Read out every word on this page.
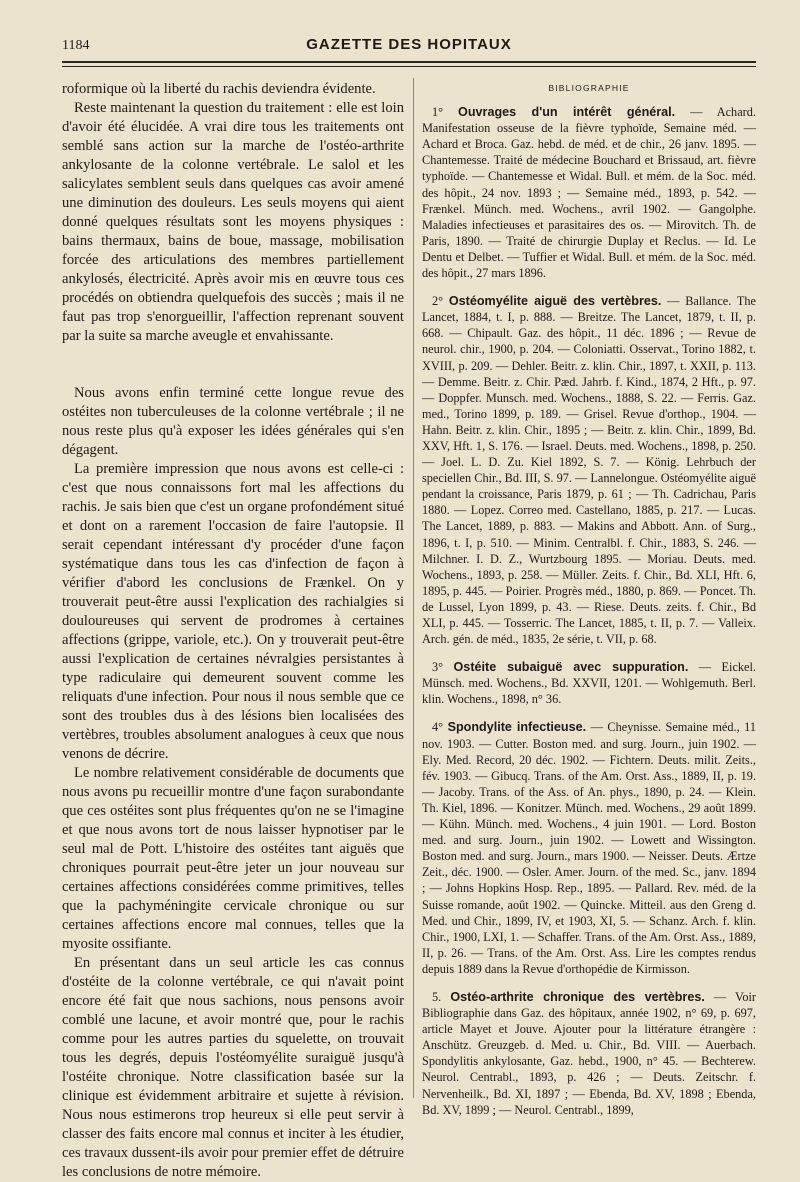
1184	GAZETTE DES HOPITAUX

roformique où la liberté du rachis deviendra évidente.

Reste maintenant la question du traitement : elle est loin d'avoir été élucidée. A vrai dire tous les traitements ont semblé sans action sur la marche de l'ostéo-arthrite ankylosante de la colonne vertébrale. Le salol et les salicylates semblent seuls dans quelques cas avoir amené une diminution des douleurs. Les seuls moyens qui aient donné quelques résultats sont les moyens physiques : bains thermaux, bains de boue, massage, mobilisation forcée des articulations des membres partiellement ankylosés, électricité. Après avoir mis en œuvre tous ces procédés on obtiendra quelquefois des succès ; mais il ne faut pas trop s'enorgueillir, l'affection reprenant souvent par la suite sa marche aveugle et envahissante.

Nous avons enfin terminé cette longue revue des ostéites non tuberculeuses de la colonne vertébrale ; il ne nous reste plus qu'à exposer les idées générales qui s'en dégagent.

La première impression que nous avons est celle-ci : c'est que nous connaissons fort mal les affections du rachis. Je sais bien que c'est un organe profondément situé et dont on a rarement l'occasion de faire l'autopsie. Il serait cependant intéressant d'y procéder d'une façon systématique dans tous les cas d'infection de façon à vérifier d'abord les conclusions de Frænkel. On y trouverait peut-être aussi l'explication des rachialgies si douloureuses qui servent de prodromes à certaines affections (grippe, variole, etc.). On y trouverait peut-être aussi l'explication de certaines névralgies persistantes à type radiculaire qui demeurent souvent comme les reliquats d'une infection. Pour nous il nous semble que ce sont des troubles dus à des lésions bien localisées des vertèbres, troubles absolument analogues à ceux que nous venons de décrire.

Le nombre relativement considérable de documents que nous avons pu recueillir montre d'une façon surabondante que ces ostéites sont plus fréquentes qu'on ne se l'imagine et que nous avons tort de nous laisser hypnotiser par le seul mal de Pott. L'histoire des ostéites tant aiguës que chroniques pourrait peut-être jeter un jour nouveau sur certaines affections considérées comme primitives, telles que la pachyméningite cervicale chronique ou sur certaines affections encore mal connues, telles que la myosite ossifiante.

En présentant dans un seul article les cas connus d'ostéite de la colonne vertébrale, ce qui n'avait point encore été fait que nous sachions, nous pensons avoir comblé une lacune, et avoir montré que, pour le rachis comme pour les autres parties du squelette, on trouvait tous les degrés, depuis l'ostéomyélite suraiguë jusqu'à l'ostéite chronique. Notre classification basée sur la clinique est évidemment arbitraire et sujette à révision. Nous nous estimerons trop heureux si elle peut servir à classer des faits encore mal connus et inciter à les étudier, ces travaux dussent-ils avoir pour premier effet de détruire les conclusions de notre mémoire.

BIBLIOGRAPHIE

1° Ouvrages d'un intérêt général. — Achard. Manifestation osseuse de la fièvre typhoïde, Semaine méd. — Achard et Broca. Gaz. hebd. de méd. et de chir., 26 janv. 1895. — Chantemesse. Traité de médecine Bouchard et Brissaud, art. fièvre typhoïde. — Chantemesse et Widal. Bull. et mém. de la Soc. méd. des hôpit., 24 nov. 1893 ; — Semaine méd., 1893, p. 542. — Frænkel. Münch. med. Wochens., avril 1902. — Gangolphe. Maladies infectieuses et parasitaires des os. — Mirovitch. Th. de Paris, 1890. — Traité de chirurgie Duplay et Reclus. — Id. Le Dentu et Delbet. — Tuffier et Widal. Bull. et mém. de la Soc. méd. des hôpit., 27 mars 1896.

2° Ostéomyélite aiguë des vertèbres. — Ballance. The Lancet, 1884, t. I, p. 888. — Breitze. The Lancet, 1879, t. II, p. 668. — Chipault. Gaz. des hôpit., 11 déc. 1896 ; — Revue de neurol. chir., 1900, p. 204. — Coloniatti. Osservat., Torino 1882, t. XVIII, p. 209. — Dehler. Beitr. z. klin. Chir., 1897, t. XXII, p. 113. — Demme. Beitr. z. Chir. Pæd. Jahrb. f. Kind., 1874, 2 Hft., p. 97. — Doppfer. Munsch. med. Wochens., 1888, S. 22. — Ferris. Gaz. med., Torino 1899, p. 189. — Grisel. Revue d'orthop., 1904. — Hahn. Beitr. z. klin. Chir., 1895 ; — Beitr. z. klin. Chir., 1899, Bd. XXV, Hft. 1, S. 176. — Israel. Deuts. med. Wochens., 1898, p. 250. — Joel. L. D. Zu. Kiel 1892, S. 7. — König. Lehrbuch der speciellen Chir., Bd. III, S. 97. — Lannelongue. Ostéomyélite aiguë pendant la croissance, Paris 1879, p. 61 ; — Th. Cadrichau, Paris 1880. — Lopez. Correo med. Castellano, 1885, p. 217. — Lucas. The Lancet, 1889, p. 883. — Makins and Abbott. Ann. of Surg., 1896, t. I, p. 510. — Minim. Centralbl. f. Chir., 1883, S. 246. — Milchner. I. D. Z., Wurtzbourg 1895. — Moriau. Deuts. med. Wochens., 1893, p. 258. — Müller. Zeits. f. Chir., Bd. XLI, Hft. 6, 1895, p. 445. — Poirier. Progrès méd., 1880, p. 869. — Poncet. Th. de Lussel, Lyon 1899, p. 43. — Riese. Deuts. zeits. f. Chir., Bd XLI, p. 445. — Tosserric. The Lancet, 1885, t. II, p. 7. — Valleix. Arch. gén. de méd., 1835, 2e série, t. VII, p. 68.

3° Ostéite subaiguë avec suppuration. — Eickel. Münsch. med. Wochens., Bd. XXVII, 1201. — Wohlgemuth. Berl. klin. Wochens., 1898, n° 36.

4° Spondylite infectieuse. — Cheynisse. Semaine méd., 11 nov. 1903. — Cutter. Boston med. and surg. Journ., juin 1902. — Ely. Med. Record, 20 déc. 1902. — Fichtern. Deuts. milit. Zeits., fév. 1903. — Gibucq. Trans. of the Am. Orst. Ass., 1889, II, p. 19. — Jacoby. Trans. of the Ass. of An. phys., 1890, p. 24. — Klein. Th. Kiel, 1896. — Konitzer. Münch. med. Wochens., 29 août 1899. — Kühn. Münch. med. Wochens., 4 juin 1901. — Lord. Boston med. and surg. Journ., juin 1902. — Lowett and Wissington. Boston med. and surg. Journ., mars 1900. — Neisser. Deuts. Ærtze Zeit., déc. 1900. — Osler. Amer. Journ. of the med. Sc., janv. 1894 ; — Johns Hopkins Hosp. Rep., 1895. — Pallard. Rev. méd. de la Suisse romande, août 1902. — Quincke. Mitteil. aus den Greng d. Med. und Chir., 1899, IV, et 1903, XI, 5. — Schanz. Arch. f. klin. Chir., 1900, LXI, 1. — Schaffer. Trans. of the Am. Orst. Ass., 1889, II, p. 26. — Trans. of the Am. Orst. Ass. Lire les comptes rendus depuis 1889 dans la Revue d'orthopédie de Kirmisson.

5. Ostéo-arthrite chronique des vertèbres. — Voir Bibliographie dans Gaz. des hôpitaux, année 1902, n° 69, p. 697, article Mayet et Jouve. Ajouter pour la littérature étrangère : Anschütz. Greuzgeb. d. Med. u. Chir., Bd. VIII. — Auerbach. Spondylitis ankylosante, Gaz. hebd., 1900, n° 45. — Bechterew. Neurol. Centrabl., 1893, p. 426 ; — Deuts. Zeitschr. f. Nervenheilk., Bd. XI, 1897 ; — Ebenda, Bd. XV, 1898 ; Ebenda, Bd. XV, 1899 ; — Neurol. Centrabl., 1899,
